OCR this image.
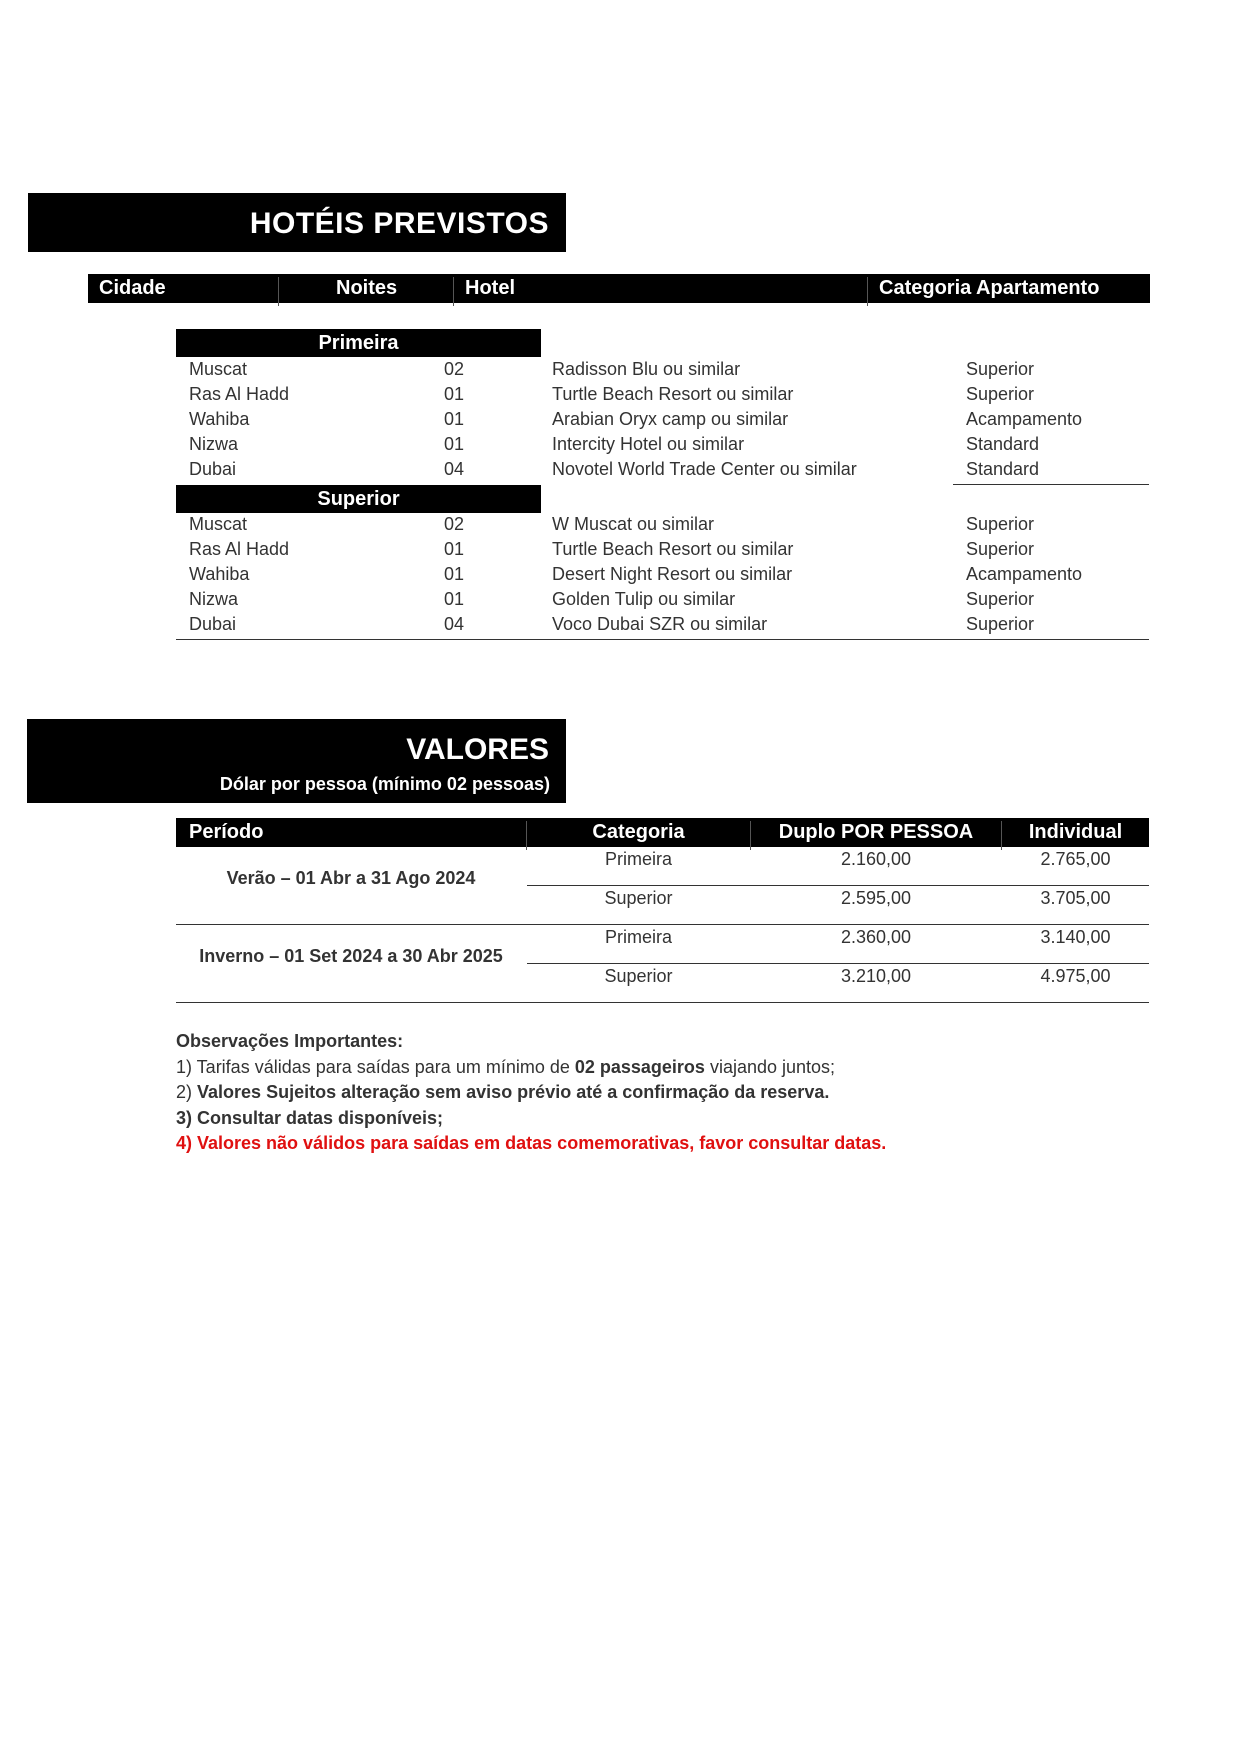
HOTÉIS PREVISTOS
Cidade	Noites	Hotel	Categoria Apartamento
Primeira
Muscat	02	Radisson Blu ou similar	Superior
Ras Al Hadd	01	Turtle Beach Resort ou similar	Superior
Wahiba	01	Arabian Oryx camp ou similar	Acampamento
Nizwa	01	Intercity Hotel ou similar	Standard
Dubai	04	Novotel World Trade Center ou similar	Standard
Superior
Muscat	02	W Muscat ou similar	Superior
Ras Al Hadd	01	Turtle Beach Resort ou similar	Superior
Wahiba	01	Desert Night Resort ou similar	Acampamento
Nizwa	01	Golden Tulip ou similar	Superior
Dubai	04	Voco Dubai SZR ou similar	Superior
VALORES
Dólar por pessoa (mínimo 02 pessoas)
Período	Categoria	Duplo POR PESSOA	Individual
Verão – 01 Abr a 31 Ago 2024
Primeira	2.160,00	2.765,00
Superior	2.595,00	3.705,00
Inverno – 01 Set 2024 a 30 Abr 2025
Primeira	2.360,00	3.140,00
Superior	3.210,00	4.975,00
Observações Importantes:
1) Tarifas válidas para saídas para um mínimo de 02 passageiros viajando juntos;
2) Valores Sujeitos alteração sem aviso prévio até a confirmação da reserva.
3) Consultar datas disponíveis;
4) Valores não válidos para saídas em datas comemorativas, favor consultar datas.
